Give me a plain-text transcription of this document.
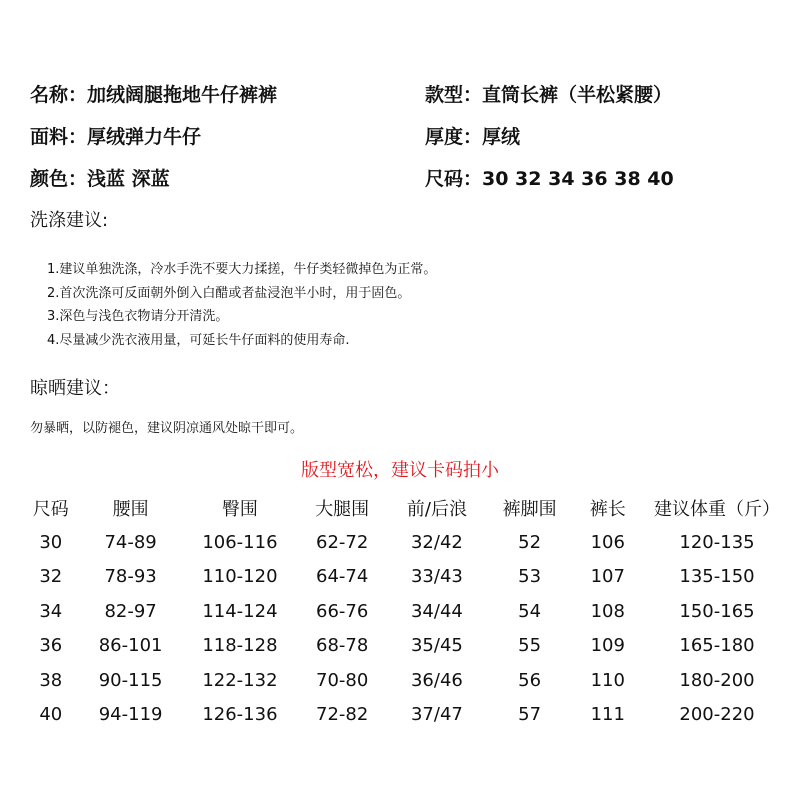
名称：加绒阔腿拖地牛仔裤裤	款型：直筒长裤（半松紧腰）
面料：厚绒弹力牛仔	厚度：厚绒
颜色：浅蓝 深蓝	尺码：30 32 34 36 38 40
洗涤建议:
1.建议单独洗涤，冷水手洗不要大力揉搓，牛仔类轻微掉色为正常。
2.首次洗涤可反面朝外倒入白醋或者盐浸泡半小时，用于固色。
3.深色与浅色衣物请分开清洗。
4.尽量减少洗衣液用量，可延长牛仔面料的使用寿命.
晾晒建议：
勿暴晒，以防褪色，建议阴凉通风处晾干即可。
版型宽松，建议卡码拍小
尺码	腰围	臀围	大腿围	前/后浪	裤脚围	裤长	建议体重（斤）
30	74-89	106-116	62-72	32/42	52	106	120-135
32	78-93	110-120	64-74	33/43	53	107	135-150
34	82-97	114-124	66-76	34/44	54	108	150-165
36	86-101	118-128	68-78	35/45	55	109	165-180
38	90-115	122-132	70-80	36/46	56	110	180-200
40	94-119	126-136	72-82	37/47	57	111	200-220
